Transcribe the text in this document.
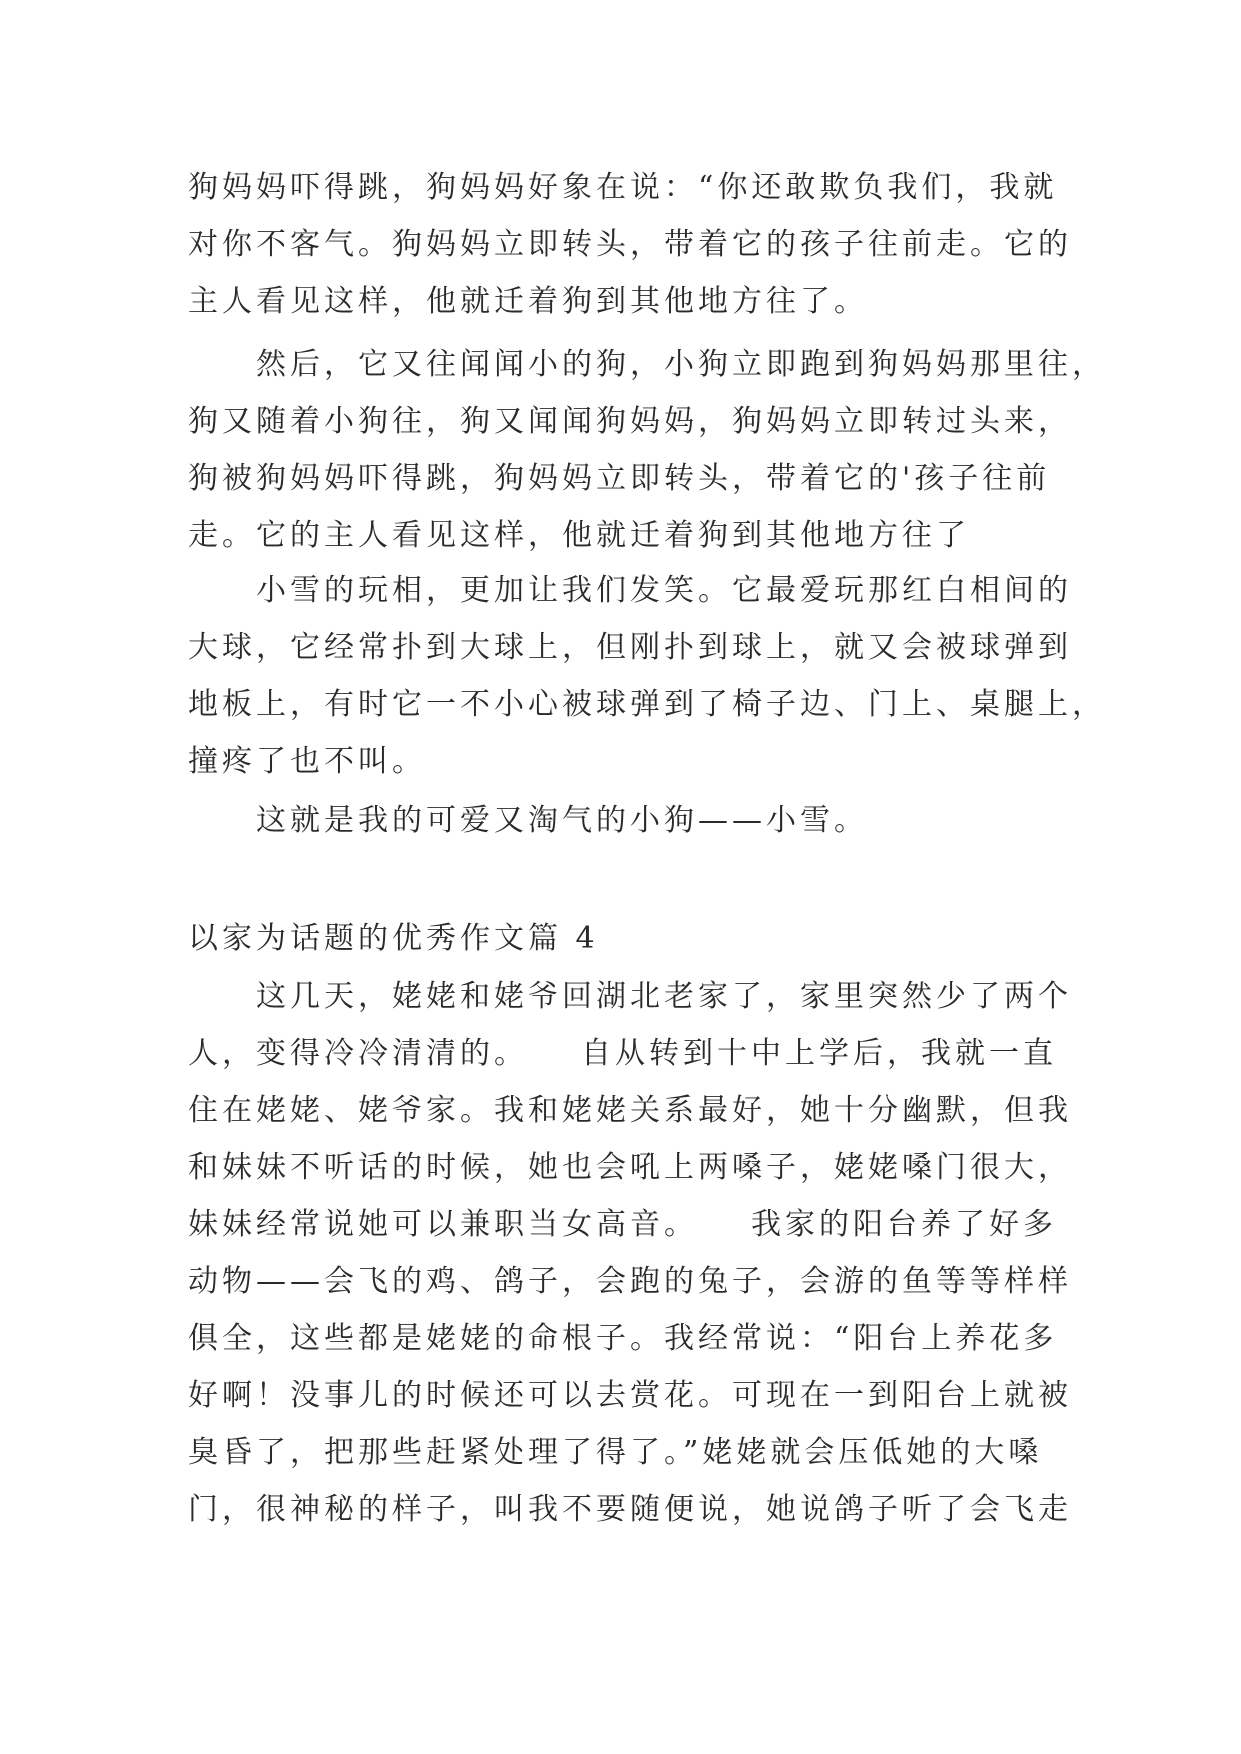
狗妈妈吓得跳，狗妈妈好象在说：“你还敢欺负我们，我就
对你不客气。狗妈妈立即转头，带着它的孩子往前走。它的
主人看见这样，他就迁着狗到其他地方往了。
然后，它又往闻闻小的狗，小狗立即跑到狗妈妈那里往，
狗又随着小狗往，狗又闻闻狗妈妈，狗妈妈立即转过头来，
狗被狗妈妈吓得跳，狗妈妈立即转头，带着它的'孩子往前
走。它的主人看见这样，他就迁着狗到其他地方往了
小雪的玩相，更加让我们发笑。它最爱玩那红白相间的
大球，它经常扑到大球上，但刚扑到球上，就又会被球弹到
地板上，有时它一不小心被球弹到了椅子边、门上、桌腿上，
撞疼了也不叫。
这就是我的可爱又淘气的小狗——小雪。
以家为话题的优秀作文篇 4
这几天，姥姥和姥爷回湖北老家了，家里突然少了两个
人，变得冷冷清清的。　　自从转到十中上学后，我就一直
住在姥姥、姥爷家。我和姥姥关系最好，她十分幽默，但我
和妹妹不听话的时候，她也会吼上两嗓子，姥姥嗓门很大，
妹妹经常说她可以兼职当女高音。　　我家的阳台养了好多
动物——会飞的鸡、鸽子，会跑的兔子，会游的鱼等等样样
俱全，这些都是姥姥的命根子。我经常说：“阳台上养花多
好啊！没事儿的时候还可以去赏花。可现在一到阳台上就被
臭昏了，把那些赶紧处理了得了。”姥姥就会压低她的大嗓
门，很神秘的样子，叫我不要随便说，她说鸽子听了会飞走
